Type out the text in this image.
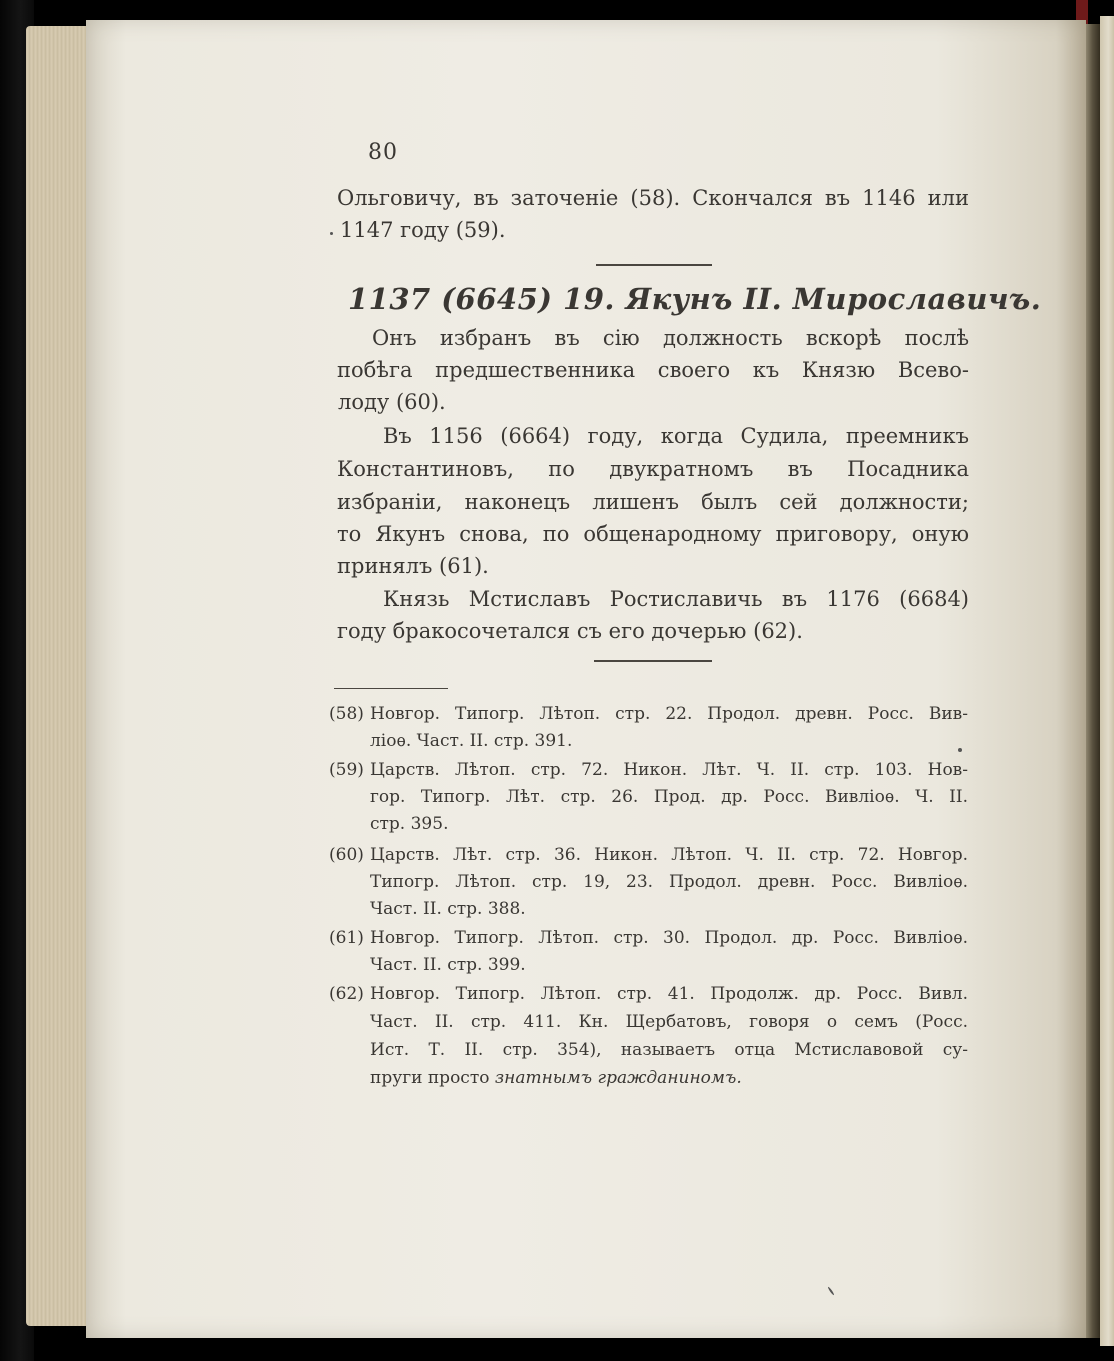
80
Ольговичу, въ заточеніе (58). Скончался въ 1146 или
1147 году (59).
1137 (6645) 19. Якунъ II. Мирославичъ.
Онъ избранъ въ сію должность вскорѣ послѣ
побѣга предшественника своего къ Князю Всево-
лоду (60).
Въ 1156 (6664) году, когда Судила, преемникъ
Константиновъ, по двукратномъ въ Посадника
избраніи, наконецъ лишенъ былъ сей должности;
то Якунъ снова, по общенародному приговору, оную
принялъ (61).
Князь Мстиславъ Ростиславичь въ 1176 (6684)
году бракосочетался съ его дочерью (62).
(58) Новгор. Типогр. Лѣтоп. стр. 22. Продол. древн. Росс. Вив-
ліоѳ. Част. II. стр. 391.
(59) Царств. Лѣтоп. стр. 72. Никон. Лѣт. Ч. II. стр. 103. Нов-
гор. Типогр. Лѣт. стр. 26. Прод. др. Росс. Вивліоѳ. Ч. II.
стр. 395.
(60) Царств. Лѣт. стр. 36. Никон. Лѣтоп. Ч. II. стр. 72. Новгор.
Типогр. Лѣтоп. стр. 19, 23. Продол. древн. Росс. Вивліоѳ.
Част. II. стр. 388.
(61) Новгор. Типогр. Лѣтоп. стр. 30. Продол. др. Росс. Вивліоѳ.
Част. II. стр. 399.
(62) Новгор. Типогр. Лѣтоп. стр. 41. Продолж. др. Росс. Вивл.
Част. II. стр. 411. Кн. Щербатовъ, говоря о семъ (Росс.
Ист. Т. II. стр. 354), называетъ отца Мстиславовой су-
пруги просто знатнымъ гражданиномъ.
